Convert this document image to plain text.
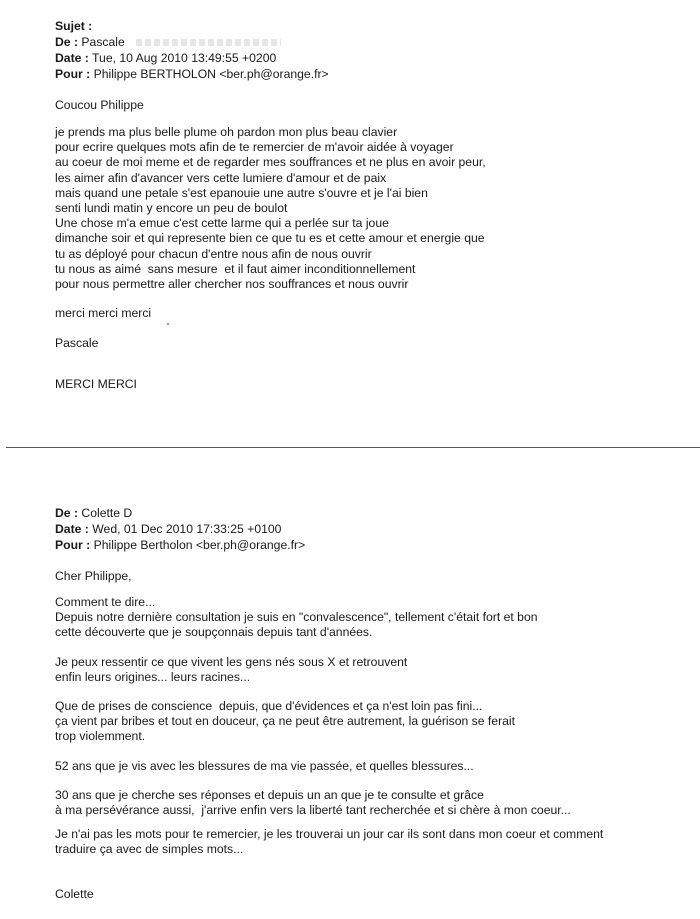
Sujet :
De : Pascale
Date : Tue, 10 Aug 2010 13:49:55 +0200
Pour : Philippe BERTHOLON <ber.ph@orange.fr>
Coucou Philippe
je prends ma plus belle plume oh pardon mon plus beau clavier
pour ecrire quelques mots afin de te remercier de m'avoir aidée à voyager
au coeur de moi meme et de regarder mes souffrances et ne plus en avoir peur,
les aimer afin d'avancer vers cette lumiere d'amour et de paix
mais quand une petale s'est epanouie une autre s'ouvre et je l'ai bien
senti lundi matin y encore un peu de boulot
Une chose m'a emue c'est cette larme qui a perlée sur ta joue
dimanche soir et qui represente bien ce que tu es et cette amour et energie que
tu as déployé pour chacun d'entre nous afin de nous ouvrir
tu nous as aimé  sans mesure  et il faut aimer inconditionnellement
pour nous permettre aller chercher nos souffrances et nous ouvrir
merci merci merci
Pascale
MERCI MERCI
De : Colette D
Date : Wed, 01 Dec 2010 17:33:25 +0100
Pour : Philippe Bertholon <ber.ph@orange.fr>
Cher Philippe,
Comment te dire...
Depuis notre dernière consultation je suis en "convalescence", tellement c'était fort et bon
cette découverte que je soupçonnais depuis tant d'années.
Je peux ressentir ce que vivent les gens nés sous X et retrouvent
enfin leurs origines... leurs racines...
Que de prises de conscience  depuis, que d'évidences et ça n'est loin pas fini...
ça vient par bribes et tout en douceur, ça ne peut être autrement, la guérison se ferait
trop violemment.
52 ans que je vis avec les blessures de ma vie passée, et quelles blessures...
30 ans que je cherche ses réponses et depuis un an que je te consulte et grâce
à ma persévérance aussi,  j'arrive enfin vers la liberté tant recherchée et si chère à mon coeur...
Je n'ai pas les mots pour te remercier, je les trouverai un jour car ils sont dans mon coeur et comment
traduire ça avec de simples mots...
Colette
